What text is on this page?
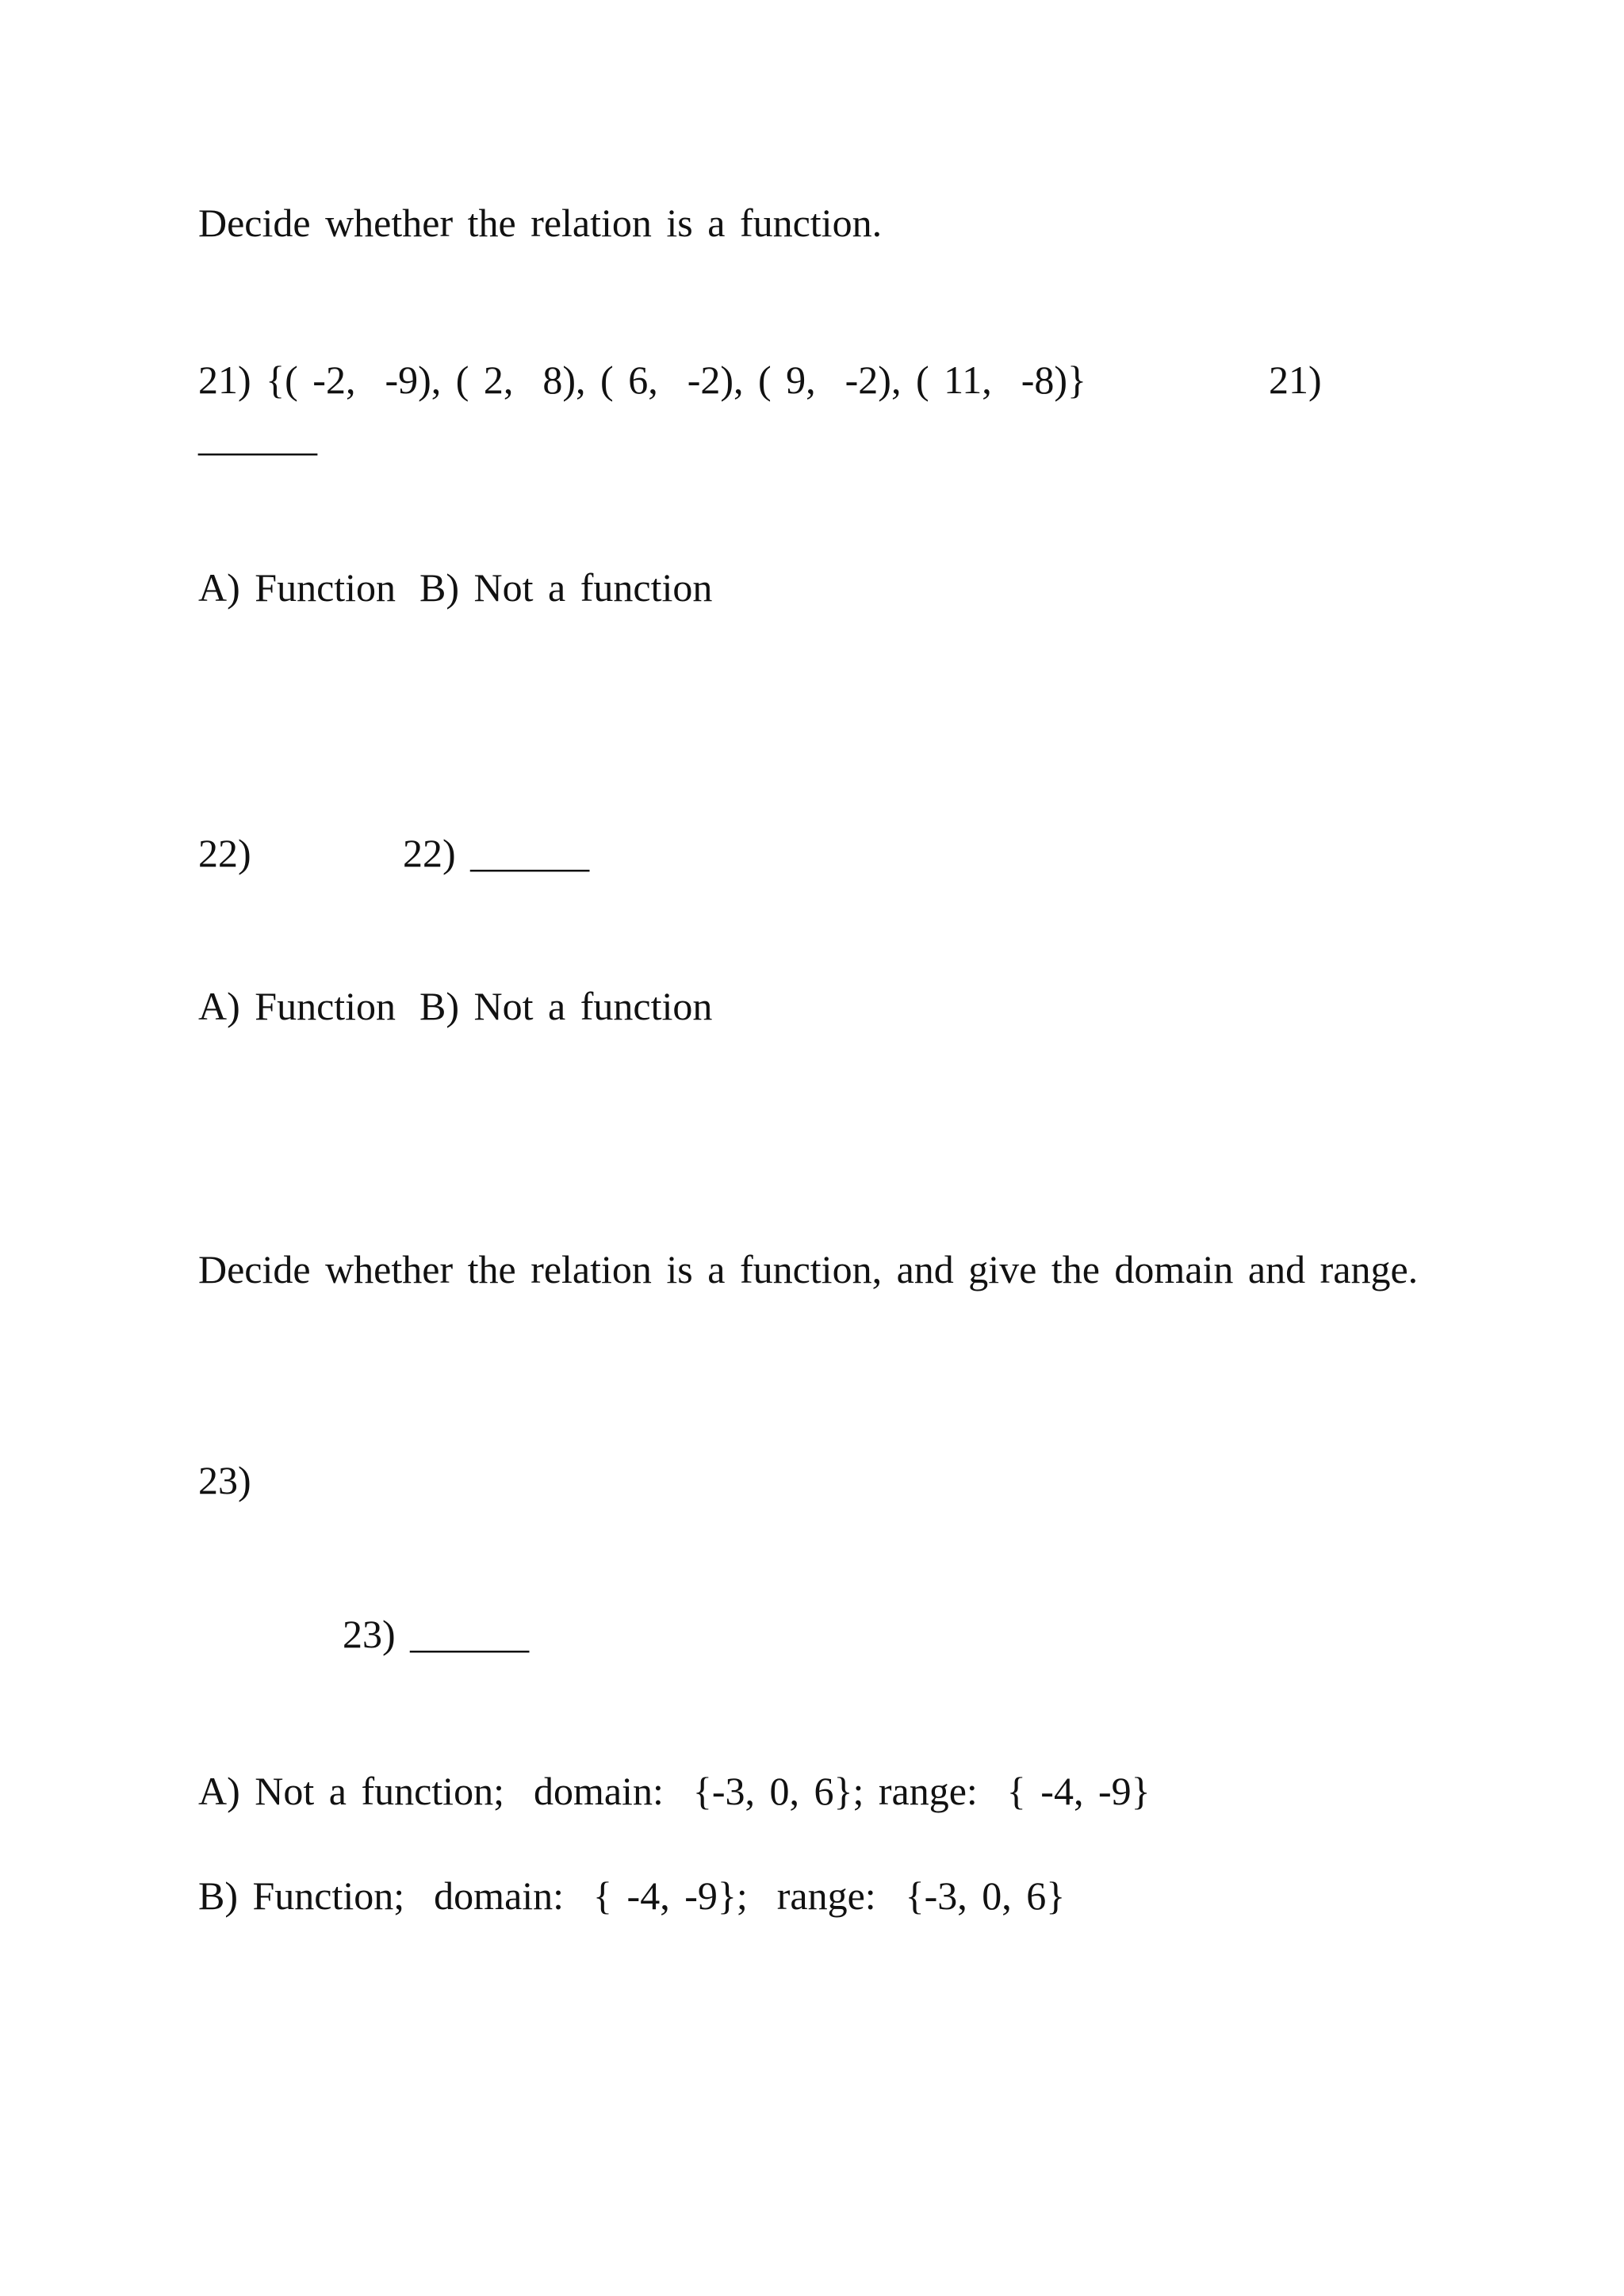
Decide whether the relation is a function.
21) {( -2,  -9), ( 2,  8), ( 6,  -2), ( 9,  -2), ( 11,  -8)}	21)
______
A) Function B) Not a function
22)	22) ______
A) Function B) Not a function
Decide whether the relation is a function, and give the domain and range.
23)
23) ______
A) Not a function;  domain:  {-3, 0, 6}; range:  { -4, -9}
B) Function;  domain:  { -4, -9};  range:  {-3, 0, 6}
